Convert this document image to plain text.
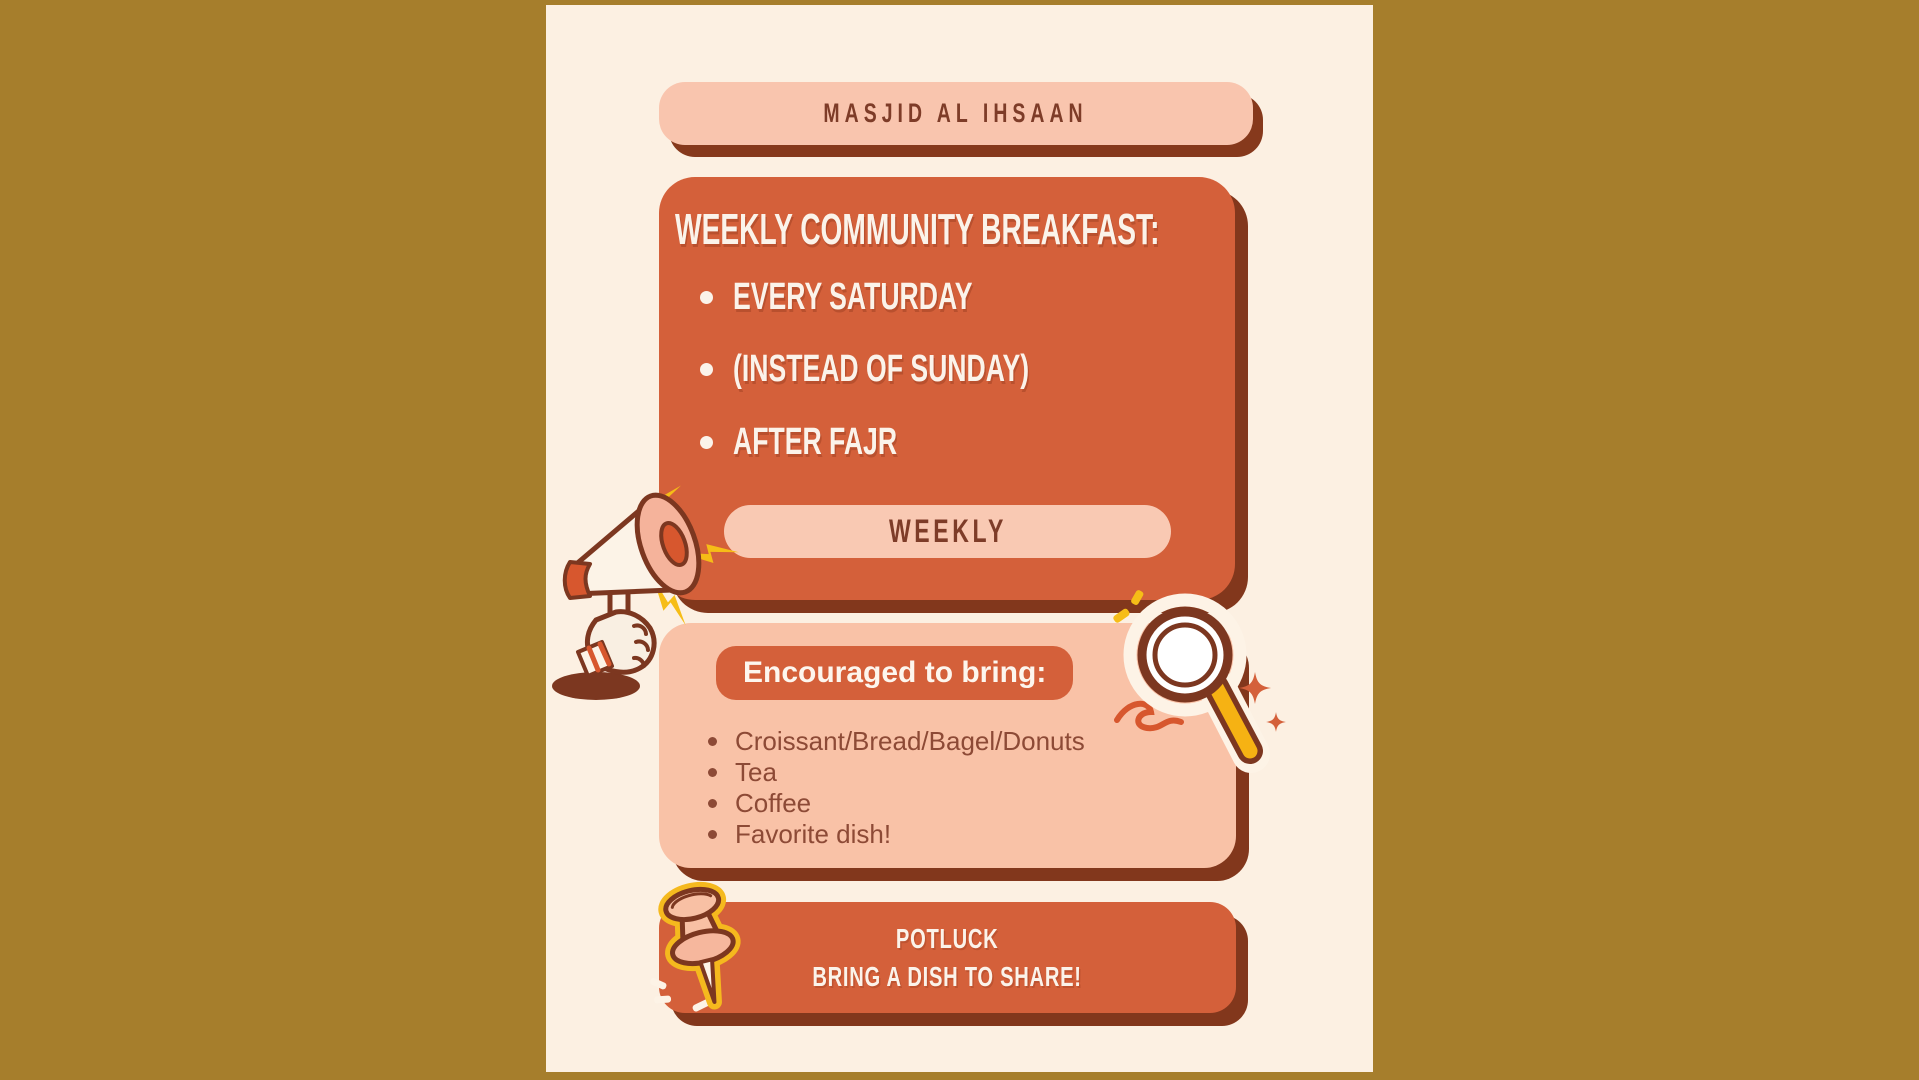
MASJID AL IHSAAN
WEEKLY COMMUNITY BREAKFAST:
EVERY SATURDAY
(INSTEAD OF SUNDAY)
AFTER FAJR
WEEKLY
Encouraged to bring:
Croissant/Bread/Bagel/Donuts
Tea
Coffee
Favorite dish!
POTLUCK
BRING A DISH TO SHARE!
